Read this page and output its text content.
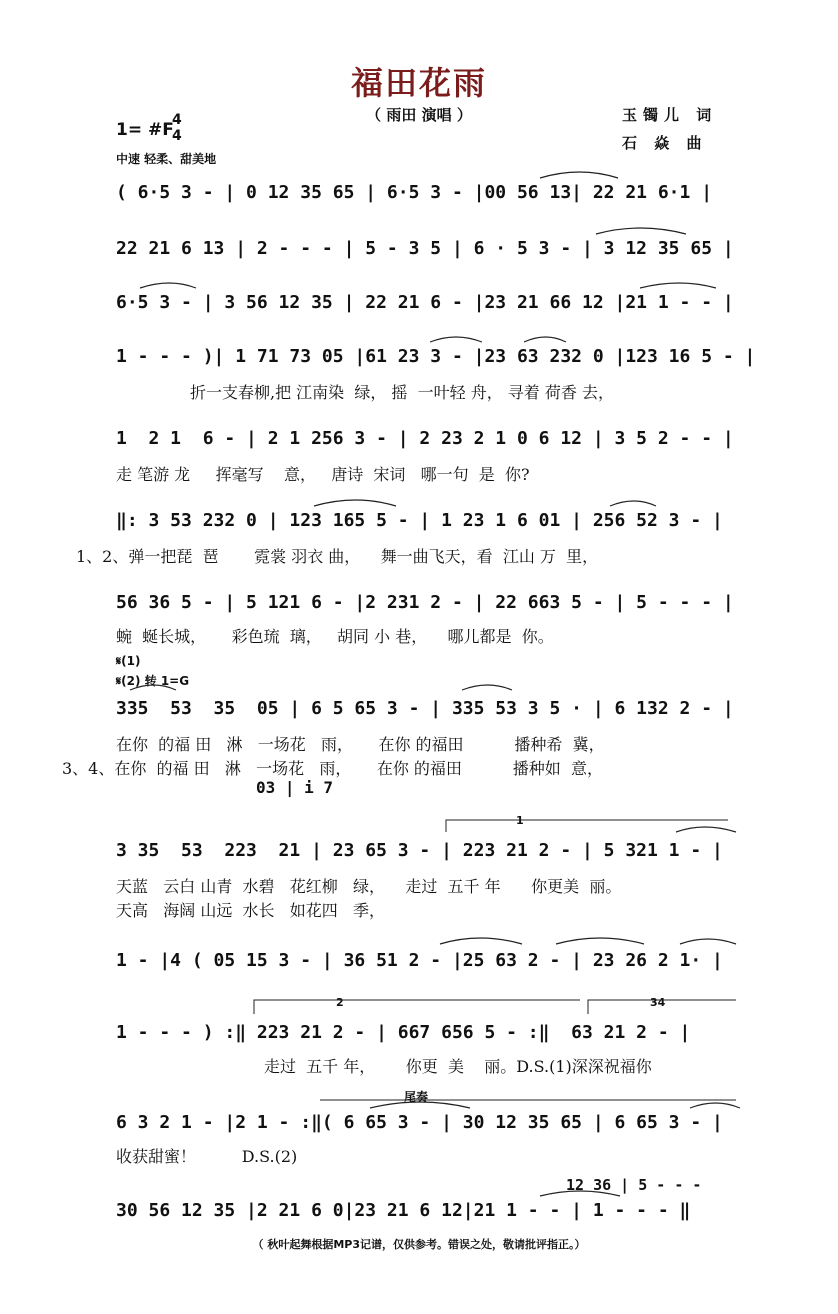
福田花雨
（ 雨田 演唱 ）	玉镯儿 词
石 焱 曲
1= #F
4
4
中速 轻柔、甜美地
( 6·5 3 - | 0 12 35 65 | 6·5 3 - |00 56 13| 22 21 6·1 |
22 21 6 13 | 2 - - - | 5 - 3 5 | 6 · 5 3 - | 3 12 35 65 |
6·5 3 - | 3 56 12 35 | 22 21 6 - |23 21 66 12 |21 1 - - |
1 - - - )| 1 71 73 05 |61 23 3 - |23 63 232 0 |123 16 5 - |
1  2 1  6 - | 2 1 256 3 - | 2 23 2 1 0 6 12 | 3 5 2 - - |
‖: 3 53 232 0 | 123 165 5 - | 1 23 1 6 01 | 256 52 3 - |
56 36 5 - | 5 121 6 - |2 231 2 - | 22 663 5 - | 5 - - - |
335  53  35  05 | 6 5 65 3 - | 335 53 3 5 · | 6 132 2 - |
3 35  53  223  21 | 23 65 3 - | 223 21 2 - | 5 321 1 - |
1 - |4 ( 05 15 3 - | 36 51 2 - |25 63 2 - | 23 26 2 1· |
1 - - - ) :‖ 223 21 2 - | 667 656 5 - :‖  63 21 2 - |
6 3 2 1 - |2 1 - :‖( 6 65 3 - | 30 12 35 65 | 6 65 3 - |
30 56 12 35 |2 21 6 0|23 21 6 12|21 1 - - | 1 - - - ‖
折一支春柳,把 江南染  绿， 摇  一叶轻 舟， 寻着 荷香 去，
走 笔游 龙     挥毫写    意，   唐诗  宋词   哪一句  是  你?
1、2、弹一把琵  琶       霓裳 羽衣 曲，    舞一曲飞天，看  江山 万  里，
蜿  蜒长城，     彩色琉  璃，   胡同 小 巷，    哪儿都是  你。
在你  的福 田   淋   一场花   雨，     在你 的福田          播种希  冀，
3、4、在你  的福 田   淋   一场花   雨，     在你 的福田          播种如  意，
天蓝   云白 山青  水碧   花红柳   绿，    走过  五千 年      你更美  丽。
天高   海阔 山远  水长   如花四   季，
走过  五千 年，      你更  美    丽。D.S.(1)深深祝福你
收获甜蜜！         D.S.(2)
𝄋(1)
𝄋(2) 转 1=G
03 | i 7
1
2	34
尾奏
12 36 | 5 - - -
（ 秋叶起舞根据MP3记谱，仅供参考。错误之处，敬请批评指正。）
